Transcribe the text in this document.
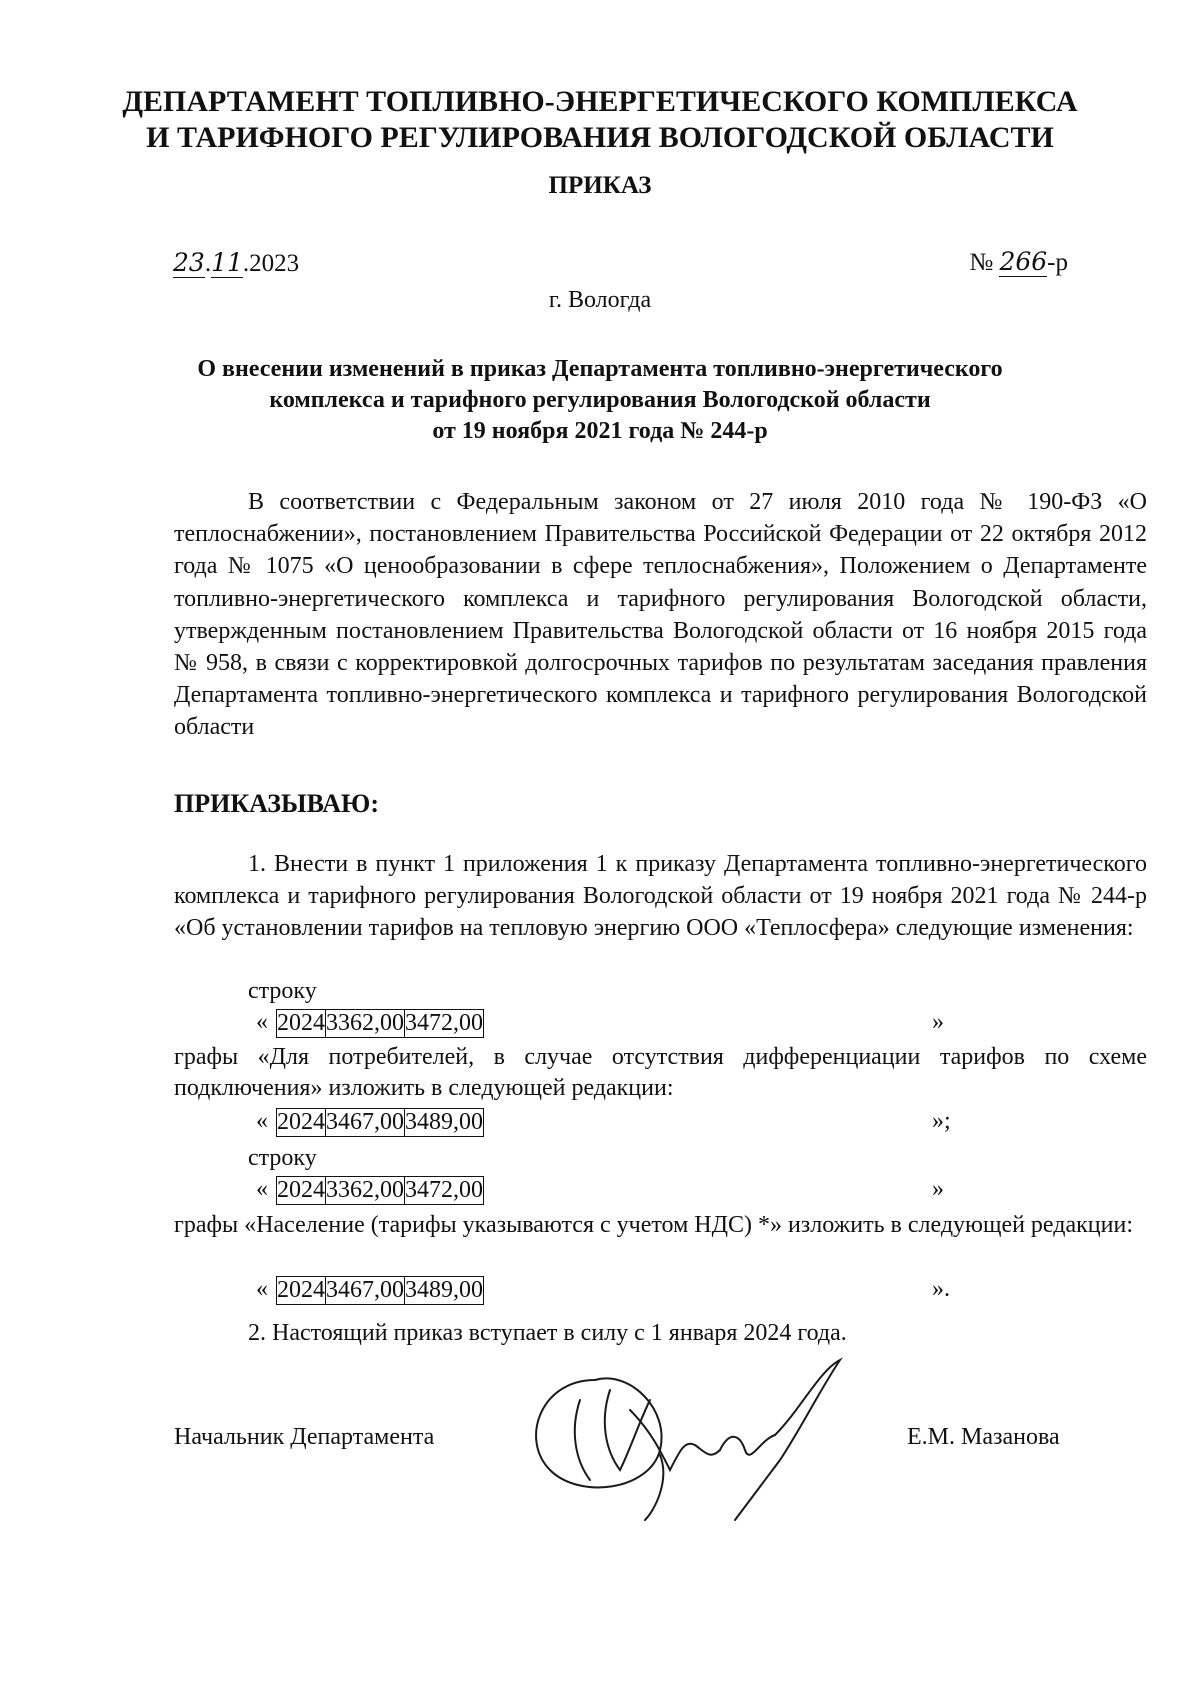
ДЕПАРТАМЕНТ ТОПЛИВНО-ЭНЕРГЕТИЧЕСКОГО КОМПЛЕКСА
И ТАРИФНОГО РЕГУЛИРОВАНИЯ ВОЛОГОДСКОЙ ОБЛАСТИ
ПРИКАЗ
23.11.2023	№ 266-р
г. Вологда
О внесении изменений в приказ Департамента топливно-энергетического
комплекса и тарифного регулирования Вологодской области
от 19 ноября 2021 года № 244-р
В соответствии с Федеральным законом от 27 июля 2010 года № 190-ФЗ «О теплоснабжении», постановлением Правительства Российской Федерации от 22 октября 2012 года № 1075 «О ценообразовании в сфере теплоснабжения», Положением о Департаменте топливно-энергетического комплекса и тарифного регулирования Вологодской области, утвержденным постановлением Правительства Вологодской области от 16 ноября 2015 года № 958, в связи с корректировкой долгосрочных тарифов по результатам заседания правления Департамента топливно-энергетического комплекса и тарифного регулирования Вологодской области
ПРИКАЗЫВАЮ:
1. Внести в пункт 1 приложения 1 к приказу Департамента топливно-энергетического комплекса и тарифного регулирования Вологодской области от 19 ноября 2021 года № 244-р «Об установлении тарифов на тепловую энергию ООО «Теплосфера» следующие изменения:
строку
« 2024	3362,00	3472,00		»
графы «Для потребителей, в случае отсутствия дифференциации тарифов по схеме подключения» изложить в следующей редакции:
« 2024	3467,00	3489,00		»;
строку
« 2024	3362,00	3472,00		»
графы «Население (тарифы указываются с учетом НДС) *» изложить в следующей редакции:
« 2024	3467,00	3489,00		».
2. Настоящий приказ вступает в силу с 1 января 2024 года.
Начальник Департамента	Е.М. Мазанова
